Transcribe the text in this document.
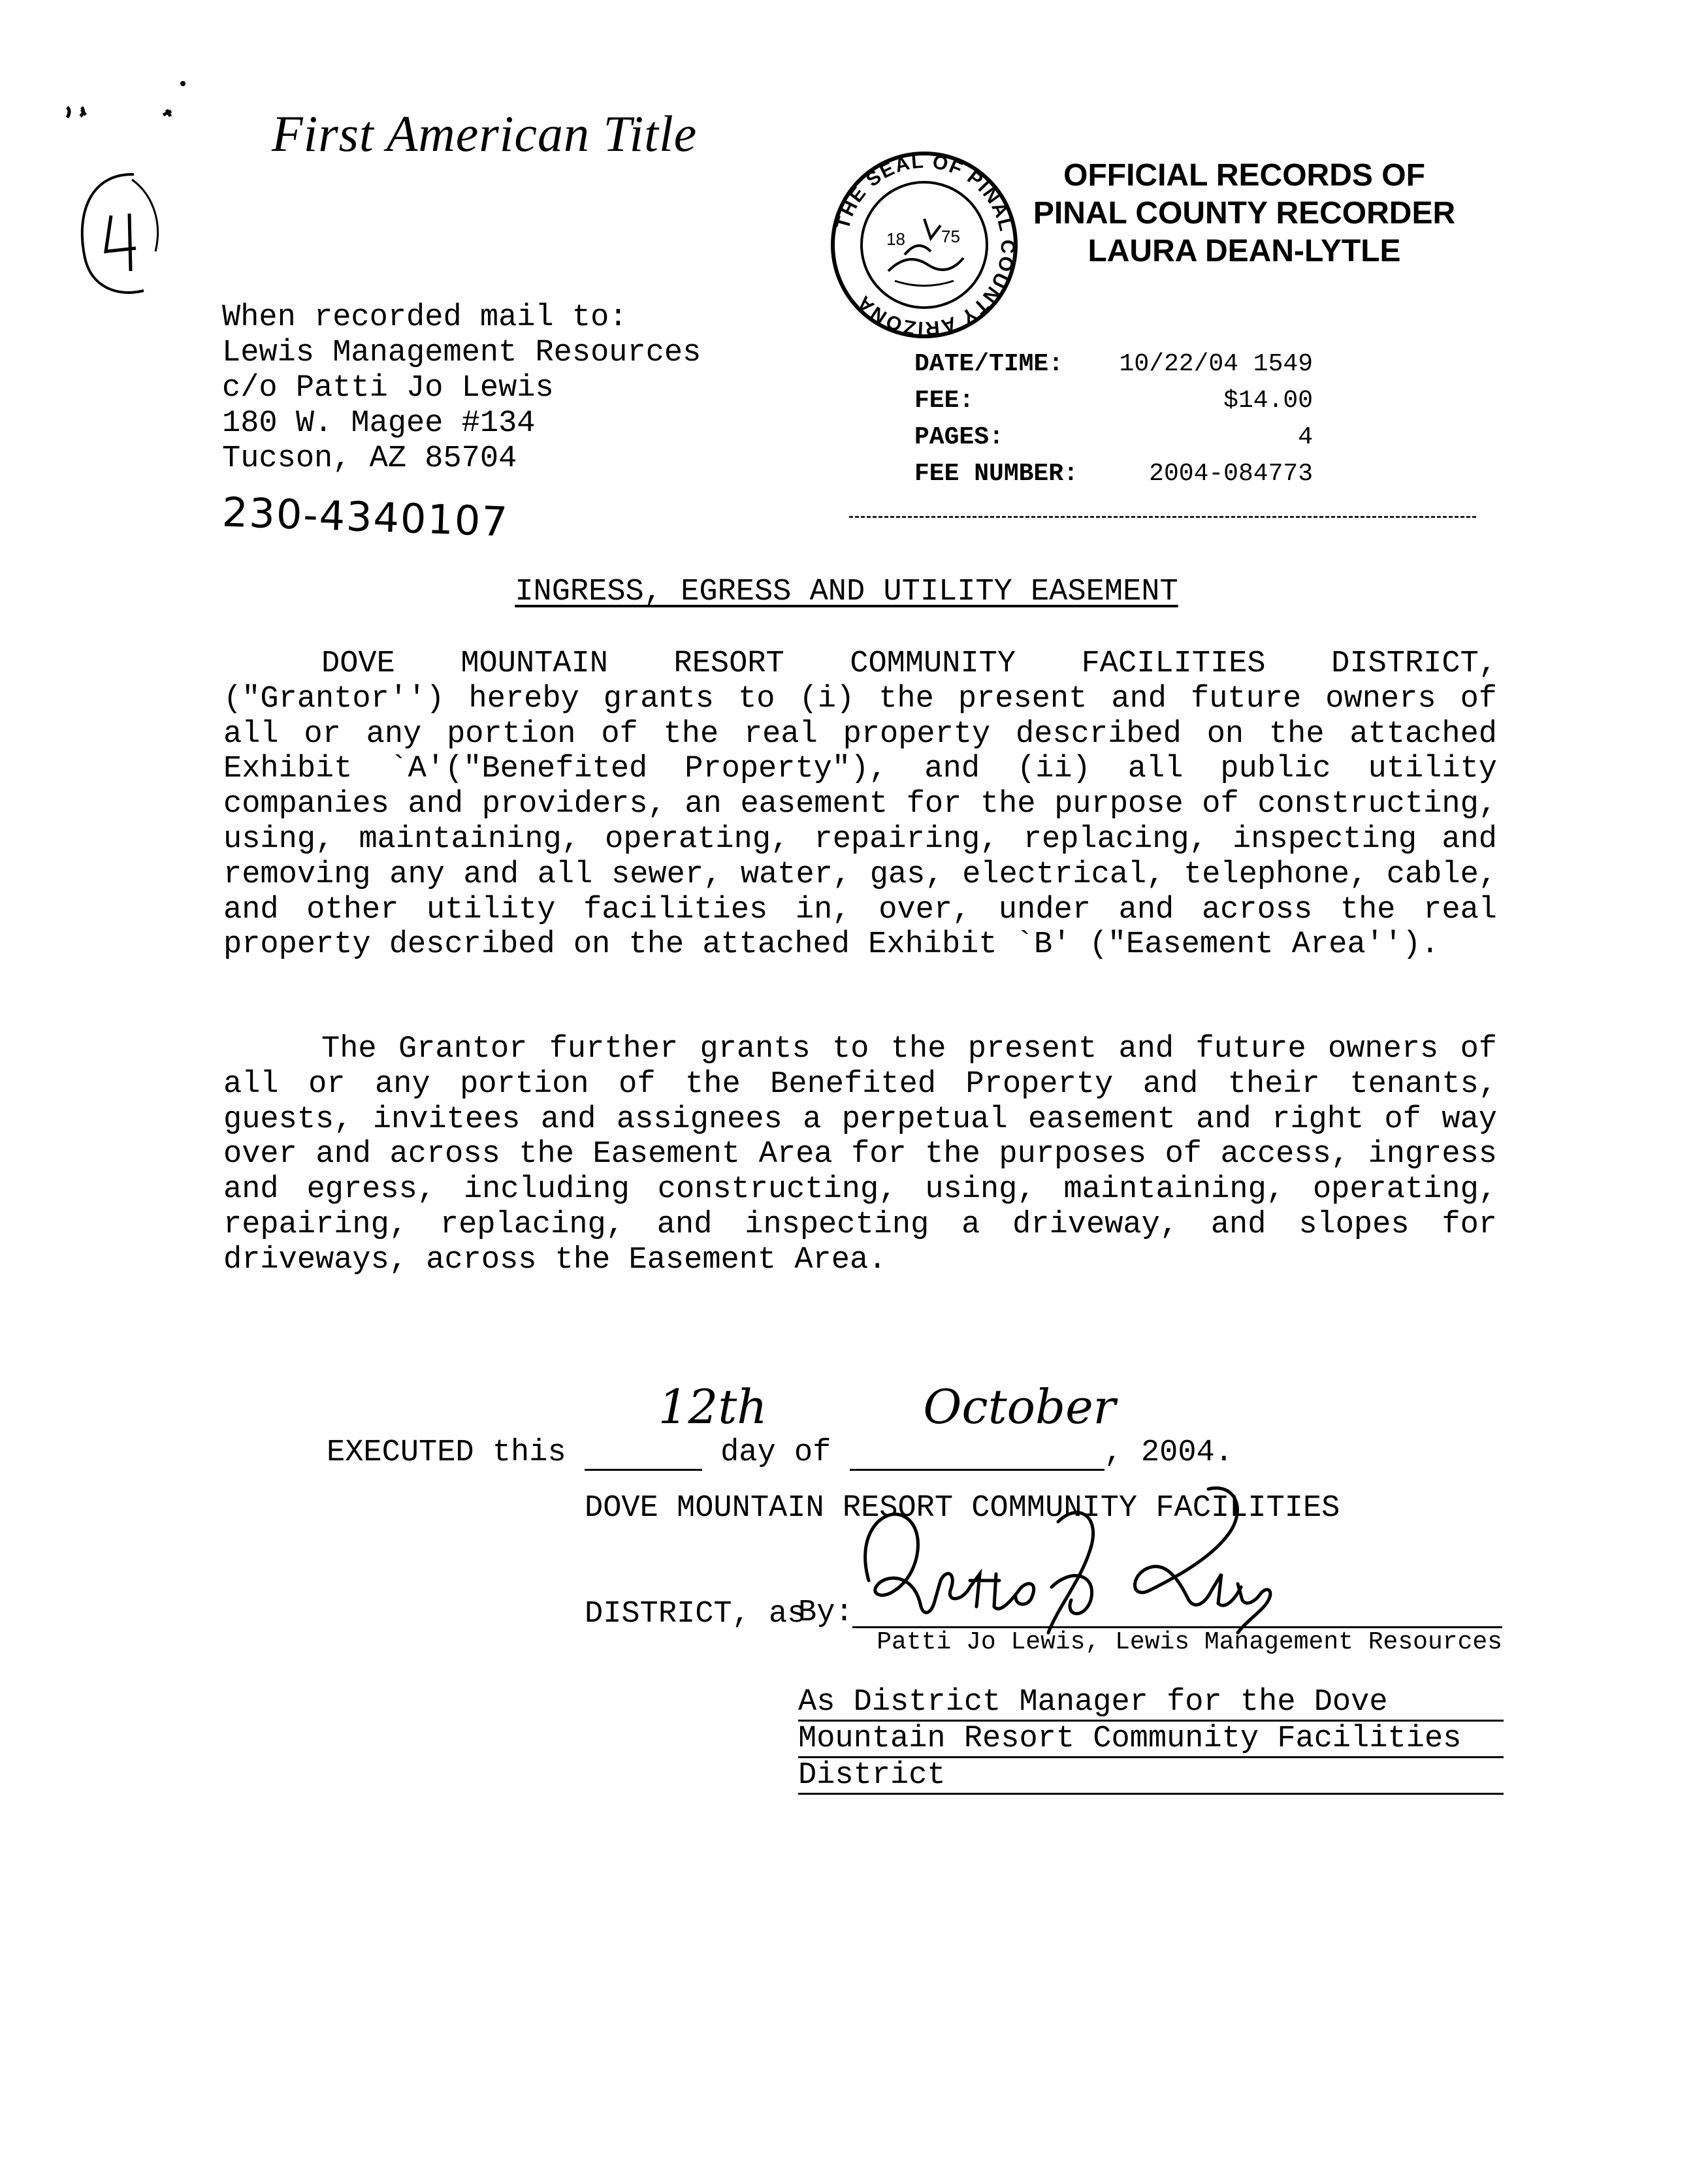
First American Title
When recorded mail to:
Lewis Management Resources
c/o Patti Jo Lewis
180 W. Magee #134
Tucson, AZ 85704
230-4340107
THE SEAL OF PINAL COUNTY ARIZONA
18 75
OFFICIAL RECORDS OF
PINAL COUNTY RECORDER
LAURA DEAN-LYTLE
DATE/TIME: 10/22/04 1549
FEE:	$14.00
PAGES:	4
FEE NUMBER:	2004-084773
INGRESS, EGRESS AND UTILITY EASEMENT

DOVE MOUNTAIN RESORT COMMUNITY FACILITIES DISTRICT, ("Grantor'') hereby grants to (i) the present and future owners of all or any portion of the real property described on the attached Exhibit `A'("Benefited Property"), and (ii) all public utility companies and providers, an easement for the purpose of constructing, using, maintaining, operating, repairing, replacing, inspecting and removing any and all sewer, water, gas, electrical, telephone, cable, and other utility facilities in, over, under and across the real property described on the attached Exhibit `B' ("Easement Area'').

The Grantor further grants to the present and future owners of all or any portion of the Benefited Property and their tenants, guests, invitees and assignees a perpetual easement and right of way over and across the Easement Area for the purposes of access, ingress and egress, including constructing, using, maintaining, operating, repairing, replacing, and inspecting a driveway, and slopes for driveways, across the Easement Area.

EXECUTED this

12th

day of

October

, 2004.

DOVE MOUNTAIN RESORT COMMUNITY FACILITIES

DISTRICT, as

By:
Patti Jo Lewis, Lewis Management Resources
As District Manager for the Dove
Mountain Resort Community Facilities
District
